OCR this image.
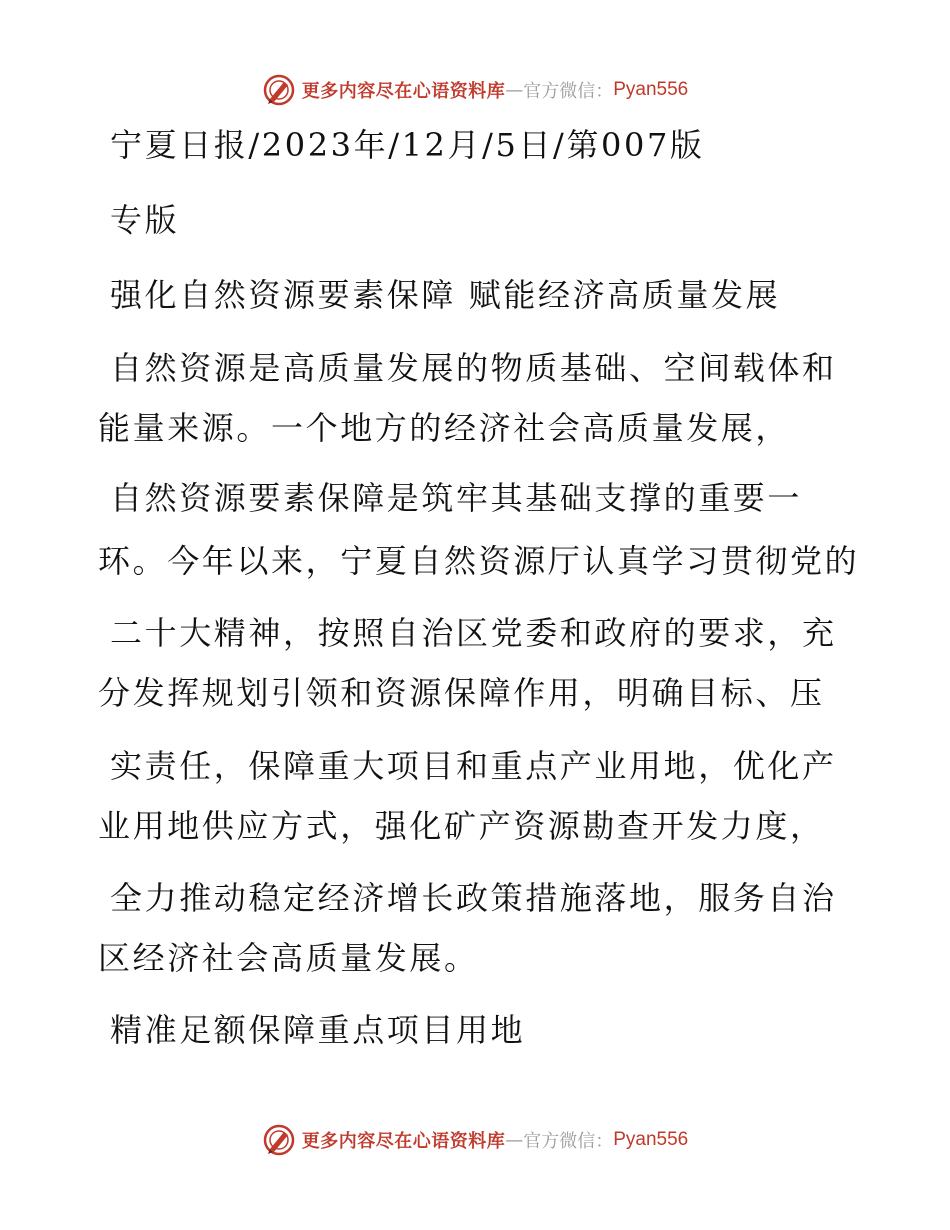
更多内容尽在心语资料库 — 官方微信： Pyan556
宁夏日报/2023年/12月/5日/第007版
专版
强化自然资源要素保障 赋能经济高质量发展
自然资源是高质量发展的物质基础、空间载体和
能量来源。一个地方的经济社会高质量发展，
自然资源要素保障是筑牢其基础支撑的重要一
环。今年以来，宁夏自然资源厅认真学习贯彻党的
二十大精神，按照自治区党委和政府的要求，充
分发挥规划引领和资源保障作用，明确目标、压
实责任，保障重大项目和重点产业用地，优化产
业用地供应方式，强化矿产资源勘查开发力度，
全力推动稳定经济增长政策措施落地，服务自治
区经济社会高质量发展。
精准足额保障重点项目用地
更多内容尽在心语资料库 — 官方微信： Pyan556
